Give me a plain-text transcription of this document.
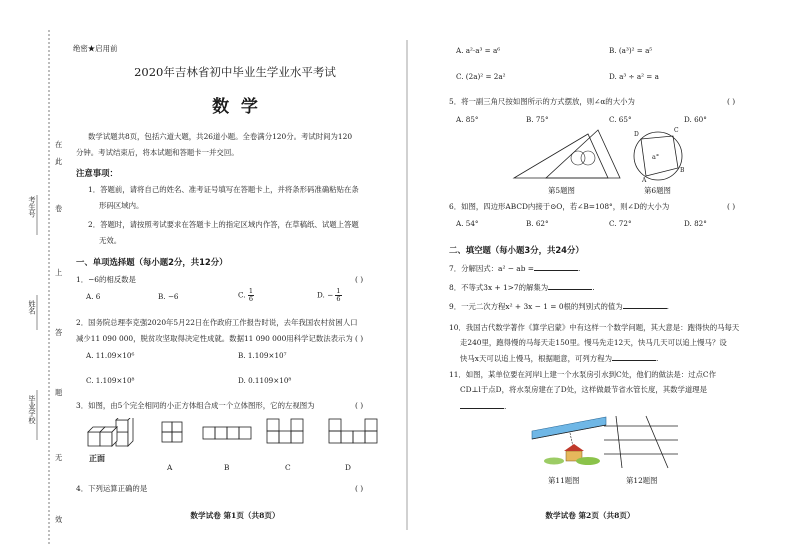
考生号
姓名
毕业学校
在
此
卷
上
答
题
无
效
绝密★启用前
2020年吉林省初中毕业生学业水平考试
数  学
数学试题共8页，包括六道大题，共26道小题。全卷满分120分。考试时间为120
分钟。考试结束后，将本试题和答题卡一并交回。
注意事项：
1．答题前，请将自己的姓名、准考证号填写在答题卡上，并将条形码准确粘贴在条
形码区域内。
2．答题时，请按照考试要求在答题卡上的指定区域内作答，在草稿纸、试题上答题
无效。
一、单项选择题（每小题2分，共12分）
1．−6的相反数是	( )
A. 6	B. −6	C. $\frac{1}{6}$	D. − $\frac{1}{6}$
2．国务院总理李克强2020年5月22日在作政府工作报告时说，去年我国农村贫困人口
减少11 090 000，脱贫攻坚取得决定性成就。数据11 090 000用科学记数法表示为 ( )
A. 11.09×10⁶	B. 1.109×10⁷
C. 1.109×10⁸	D. 0.1109×10⁸
3．如图，由5个完全相同的小正方体组合成一个立体图形，它的左视图为	( )
正面
A	B	C	D
4．下列运算正确的是	( )
数学试卷 第1页（共8页）
A. a²·a³ = a⁶	B. (a³)² = a⁵
C. (2a)² = 2a²	D. a³ ÷ a² = a
5．将一副三角尺按如图所示的方式摆放，则∠α的大小为	( )
A. 85°	B. 75°	C. 65°	D. 60°
第5题图
a°
D
C
A
B
第6题图
6．如图，四边形ABCD内接于⊙O，若∠B=108°，则∠D的大小为	( )
A. 54°	B. 62°	C. 72°	D. 82°
二、填空题（每小题3分，共24分）
7．分解因式：a² − ab =	.
8．不等式3x + 1>7的解集为	.
9．一元二次方程x² + 3x − 1 = 0根的判别式的值为	.
10．我国古代数学著作《算学启蒙》中有这样一个数学问题，其大意是：跑得快的马每天
走240里，跑得慢的马每天走150里。慢马先走12天，快马几天可以追上慢马？设
快马x天可以追上慢马，根据题意，可列方程为	.
11．如图，某单位要在河岸l上建一个水泵房引水到C处，他们的做法是：过点C作
CD⊥l于点D，将水泵房建在了D处，这样做最节省水管长度，其数学道理是
.
第11题图	第12题图
数学试卷 第2页（共8页）
